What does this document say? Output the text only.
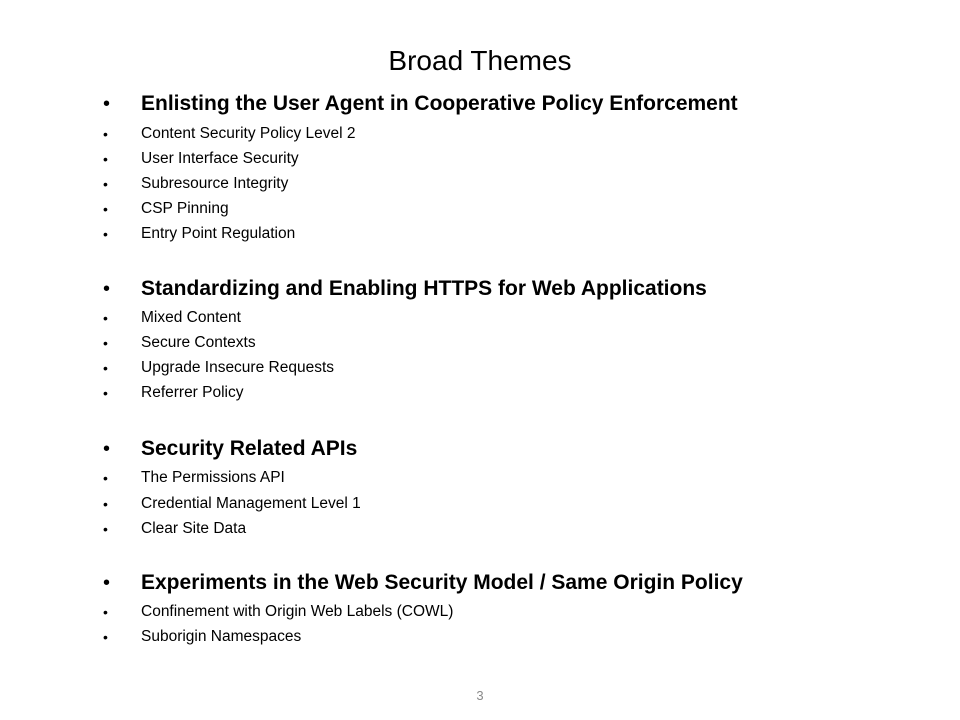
Broad Themes
• Enlisting the User Agent in Cooperative Policy Enforcement
• Content Security Policy Level 2
• User Interface Security
• Subresource Integrity
• CSP Pinning
• Entry Point Regulation
• Standardizing and Enabling HTTPS for Web Applications
• Mixed Content
• Secure Contexts
• Upgrade Insecure Requests
• Referrer Policy
• Security Related APIs
• The Permissions API
• Credential Management Level 1
• Clear Site Data
• Experiments in the Web Security Model / Same Origin Policy
• Confinement with Origin Web Labels (COWL)
• Suborigin Namespaces
3
